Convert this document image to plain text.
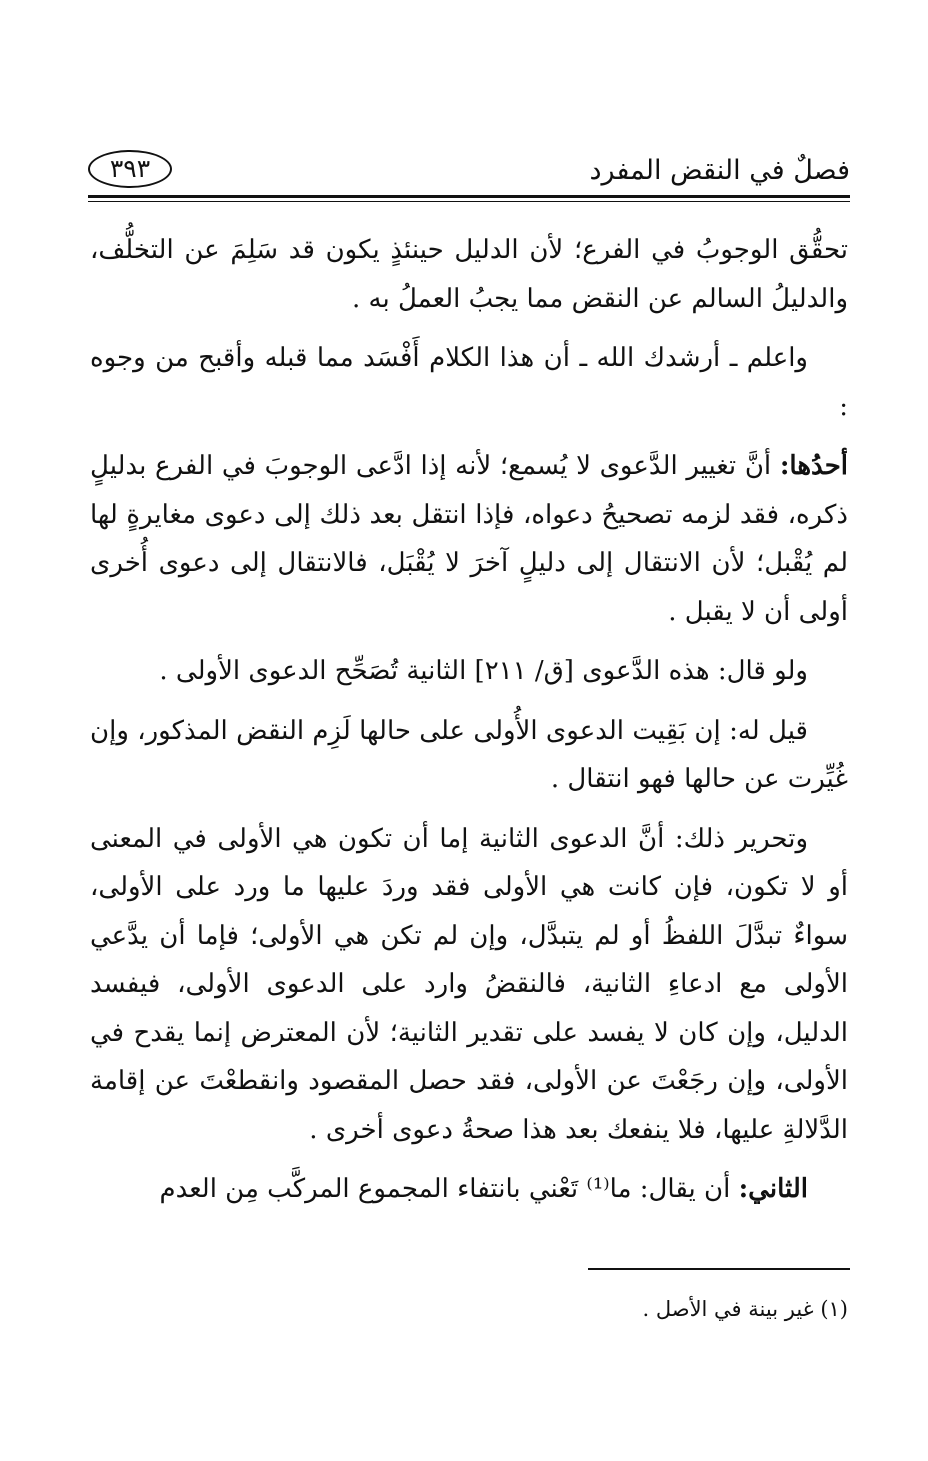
فصلٌ في النقض المفرد
٣٩٣

تحقُّق الوجوبُ في الفرع؛ لأن الدليل حينئذٍ يكون قد سَلِمَ عن التخلُّف، والدليلُ السالم عن النقض مما يجبُ العملُ به .

واعلم ـ أرشدك الله ـ أن هذا الكلام أَفْسَد مما قبله وأقبح من وجوه :

أحدُها: أنَّ تغيير الدَّعوى لا يُسمع؛ لأنه إذا ادَّعى الوجوبَ في الفرع بدليلٍ ذكره، فقد لزمه تصحيحُ دعواه، فإذا انتقل بعد ذلك إلى دعوى مغايرةٍ لها لم يُقْبل؛ لأن الانتقال إلى دليلٍ آخرَ لا يُقْبَل، فالانتقال إلى دعوى أُخرى أولى أن لا يقبل .

ولو قال: هذه الدَّعوى [ق/ ٢١١] الثانية تُصَحِّح الدعوى الأولى .

قيل له: إن بَقِيت الدعوى الأُولى على حالها لَزِم النقض المذكور، وإن غُيِّرت عن حالها فهو انتقال .

وتحرير ذلك: أنَّ الدعوى الثانية إما أن تكون هي الأولى في المعنى أو لا تكون، فإن كانت هي الأولى فقد وردَ عليها ما ورد على الأولى، سواءٌ تبدَّلَ اللفظُ أو لم يتبدَّل، وإن لم تكن هي الأولى؛ فإما أن يدَّعي الأولى مع ادعاءِ الثانية، فالنقضُ وارد على الدعوى الأولى، فيفسد الدليل، وإن كان لا يفسد على تقدير الثانية؛ لأن المعترض إنما يقدح في الأولى، وإن رجَعْتَ عن الأولى، فقد حصل المقصود وانقطعْتَ عن إقامة الدَّلالةِ عليها، فلا ينفعك بعد هذا صحةُ دعوى أخرى .

الثاني: أن يقال: ما⁽¹⁾ تَعْني بانتفاء المجموع المركَّب مِن العدم

(١) غير بينة في الأصل .
